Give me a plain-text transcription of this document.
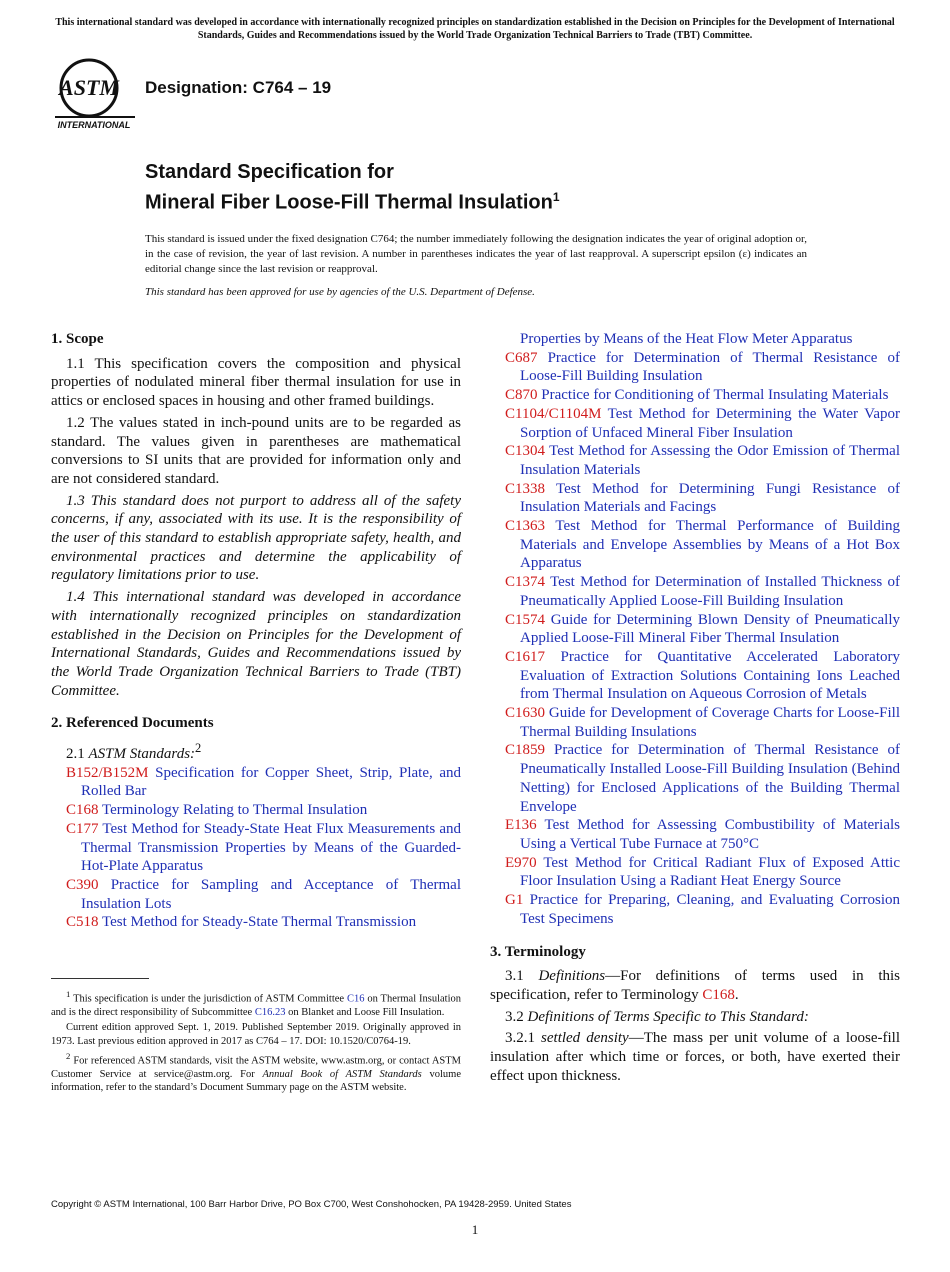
This international standard was developed in accordance with internationally recognized principles on standardization established in the Decision on Principles for the Development of International Standards, Guides and Recommendations issued by the World Trade Organization Technical Barriers to Trade (TBT) Committee.
ASTM
INTERNATIONAL
Designation: C764 – 19
Standard Specification for
Mineral Fiber Loose-Fill Thermal Insulation$^1$
This standard is issued under the fixed designation C764; the number immediately following the designation indicates the year of original adoption or, in the case of revision, the year of last revision. A number in parentheses indicates the year of last reapproval. A superscript epsilon (ε) indicates an editorial change since the last revision or reapproval.
This standard has been approved for use by agencies of the U.S. Department of Defense.
1. Scope
1.1 This specification covers the composition and physical properties of nodulated mineral fiber thermal insulation for use in attics or enclosed spaces in housing and other framed buildings.
1.2 The values stated in inch-pound units are to be regarded as standard. The values given in parentheses are mathematical conversions to SI units that are provided for information only and are not considered standard.
1.3 This standard does not purport to address all of the safety concerns, if any, associated with its use. It is the responsibility of the user of this standard to establish appropriate safety, health, and environmental practices and determine the applicability of regulatory limitations prior to use.
1.4 This international standard was developed in accordance with internationally recognized principles on standardization established in the Decision on Principles for the Development of International Standards, Guides and Recommendations issued by the World Trade Organization Technical Barriers to Trade (TBT) Committee.
2. Referenced Documents
2.1 ASTM Standards:$^2$
B152/B152M Specification for Copper Sheet, Strip, Plate, and Rolled Bar
C168 Terminology Relating to Thermal Insulation
C177 Test Method for Steady-State Heat Flux Measurements and Thermal Transmission Properties by Means of the Guarded-Hot-Plate Apparatus
C390 Practice for Sampling and Acceptance of Thermal Insulation Lots
C518 Test Method for Steady-State Thermal Transmission
Properties by Means of the Heat Flow Meter Apparatus
C687 Practice for Determination of Thermal Resistance of Loose-Fill Building Insulation
C870 Practice for Conditioning of Thermal Insulating Materials
C1104/C1104M Test Method for Determining the Water Vapor Sorption of Unfaced Mineral Fiber Insulation
C1304 Test Method for Assessing the Odor Emission of Thermal Insulation Materials
C1338 Test Method for Determining Fungi Resistance of Insulation Materials and Facings
C1363 Test Method for Thermal Performance of Building Materials and Envelope Assemblies by Means of a Hot Box Apparatus
C1374 Test Method for Determination of Installed Thickness of Pneumatically Applied Loose-Fill Building Insulation
C1574 Guide for Determining Blown Density of Pneumatically Applied Loose-Fill Mineral Fiber Thermal Insulation
C1617 Practice for Quantitative Accelerated Laboratory Evaluation of Extraction Solutions Containing Ions Leached from Thermal Insulation on Aqueous Corrosion of Metals
C1630 Guide for Development of Coverage Charts for Loose-Fill Thermal Building Insulations
C1859 Practice for Determination of Thermal Resistance of Pneumatically Installed Loose-Fill Building Insulation (Behind Netting) for Enclosed Applications of the Building Thermal Envelope
E136 Test Method for Assessing Combustibility of Materials Using a Vertical Tube Furnace at 750°C
E970 Test Method for Critical Radiant Flux of Exposed Attic Floor Insulation Using a Radiant Heat Energy Source
G1 Practice for Preparing, Cleaning, and Evaluating Corrosion Test Specimens
3. Terminology
3.1 Definitions—For definitions of terms used in this specification, refer to Terminology C168.
3.2 Definitions of Terms Specific to This Standard:
3.2.1 settled density—The mass per unit volume of a loose-fill insulation after which time or forces, or both, have exerted their effect upon thickness.

$^1$ This specification is under the jurisdiction of ASTM Committee C16 on Thermal Insulation and is the direct responsibility of Subcommittee C16.23 on Blanket and Loose Fill Insulation.

Current edition approved Sept. 1, 2019. Published September 2019. Originally approved in 1973. Last previous edition approved in 2017 as C764 – 17. DOI: 10.1520/C0764-19.

$^2$ For referenced ASTM standards, visit the ASTM website, www.astm.org, or contact ASTM Customer Service at service@astm.org. For Annual Book of ASTM Standards volume information, refer to the standard’s Document Summary page on the ASTM website.

Copyright © ASTM International, 100 Barr Harbor Drive, PO Box C700, West Conshohocken, PA 19428-2959. United States
1
